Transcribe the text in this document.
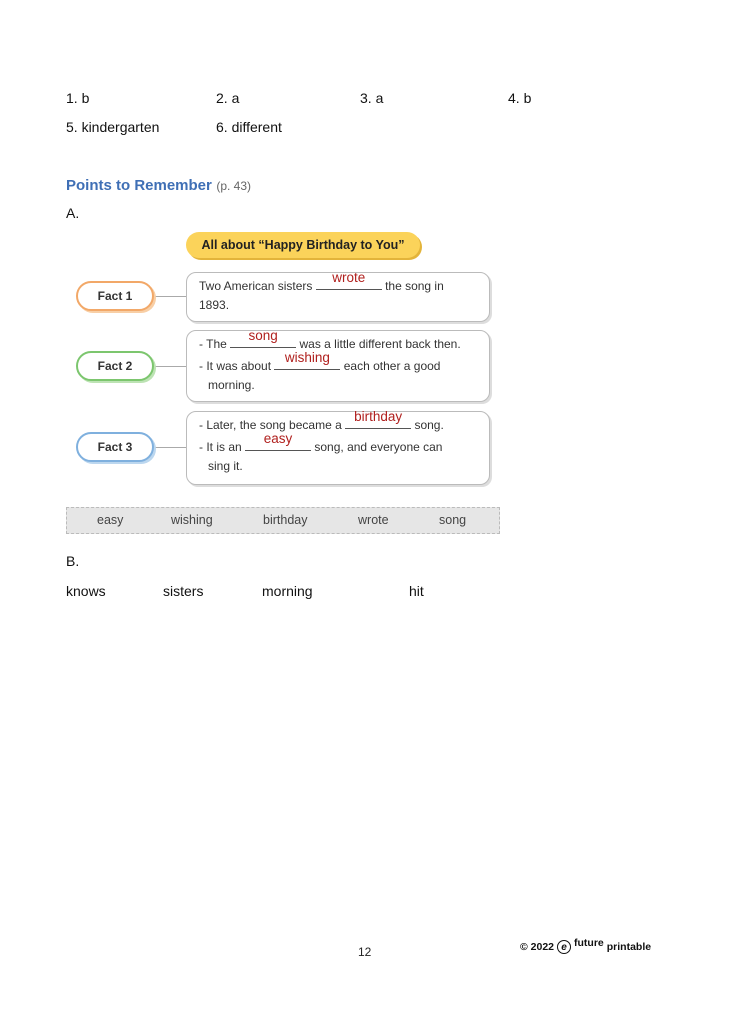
1. b	2. a	3. a	4. b
5. kindergarten	6. different
Points to Remember (p. 43)
A.
All about “Happy Birthday to You”
Fact 1
Fact 2
Fact 3
Two American sisters
wrote
the song in
1893.
- The
song
was a little different back then.
- It was about
wishing
each other a good
morning.
- Later, the song became a
birthday
song.
- It is an
easy
song, and everyone can
sing it.
easy	wishing	birthday	wrote	song
B.
knows	sisters	morning	hit
12	© 2022 e future printable
